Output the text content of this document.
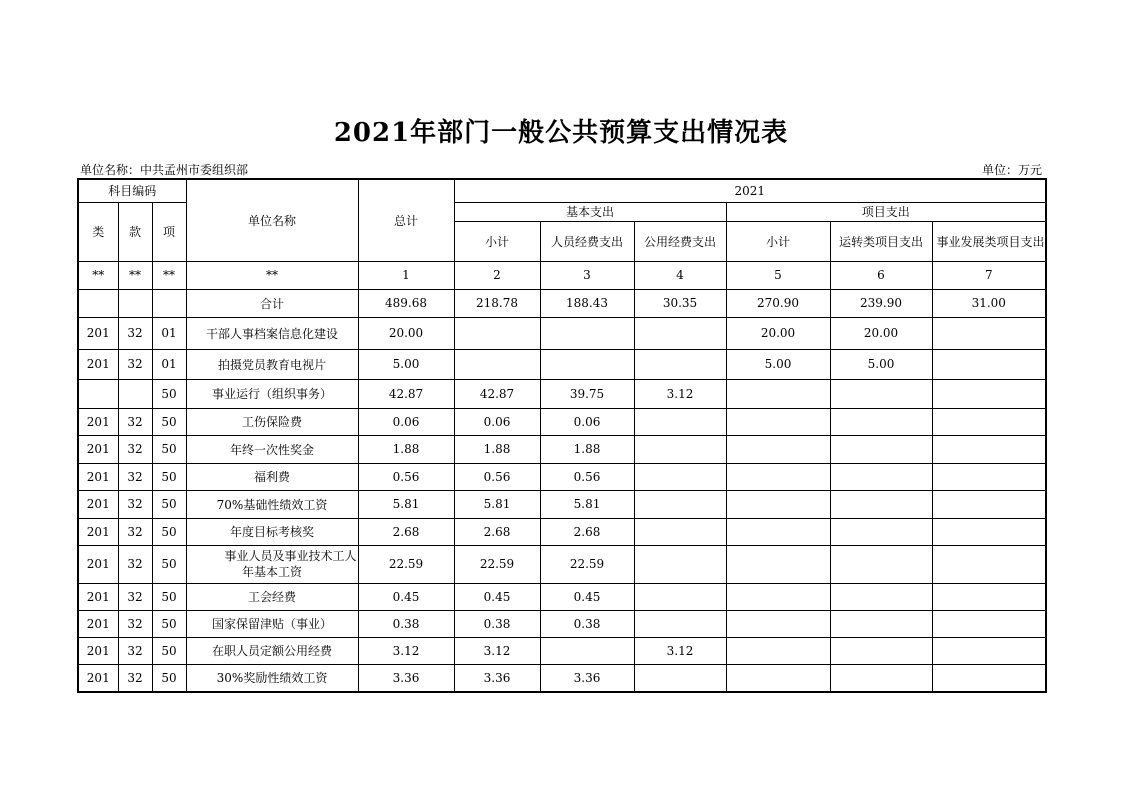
2021年部门一般公共预算支出情况表
单位名称：中共孟州市委组织部	单位：万元
科目编码			单位名称	总计	2021					
类	款	项			基本支出			项目支出		
					小计	人员经费支出	公用经费支出	小计	运转类项目支出	事业发展类项目支出
**	**	**	**	1	2	3	4	5	6	7
			合计	489.68	218.78	188.43	30.35	270.90	239.90	31.00
201	32	01	干部人事档案信息化建设	20.00				20.00	20.00	
201	32	01	拍摄党员教育电视片	5.00				5.00	5.00	
		50	事业运行（组织事务）	42.87	42.87	39.75	3.12			
201	32	50	工伤保险费	0.06	0.06	0.06				
201	32	50	年终一次性奖金	1.88	1.88	1.88				
201	32	50	福利费	0.56	0.56	0.56				
201	32	50	70%基础性绩效工资	5.81	5.81	5.81				
201	32	50	年度目标考核奖	2.68	2.68	2.68				
201	32	50	事业人员及事业技术工人
年基本工资	22.59	22.59	22.59				
201	32	50	工会经费	0.45	0.45	0.45				
201	32	50	国家保留津贴（事业）	0.38	0.38	0.38				
201	32	50	在职人员定额公用经费	3.12	3.12		3.12			
201	32	50	30%奖励性绩效工资	3.36	3.36	3.36				
